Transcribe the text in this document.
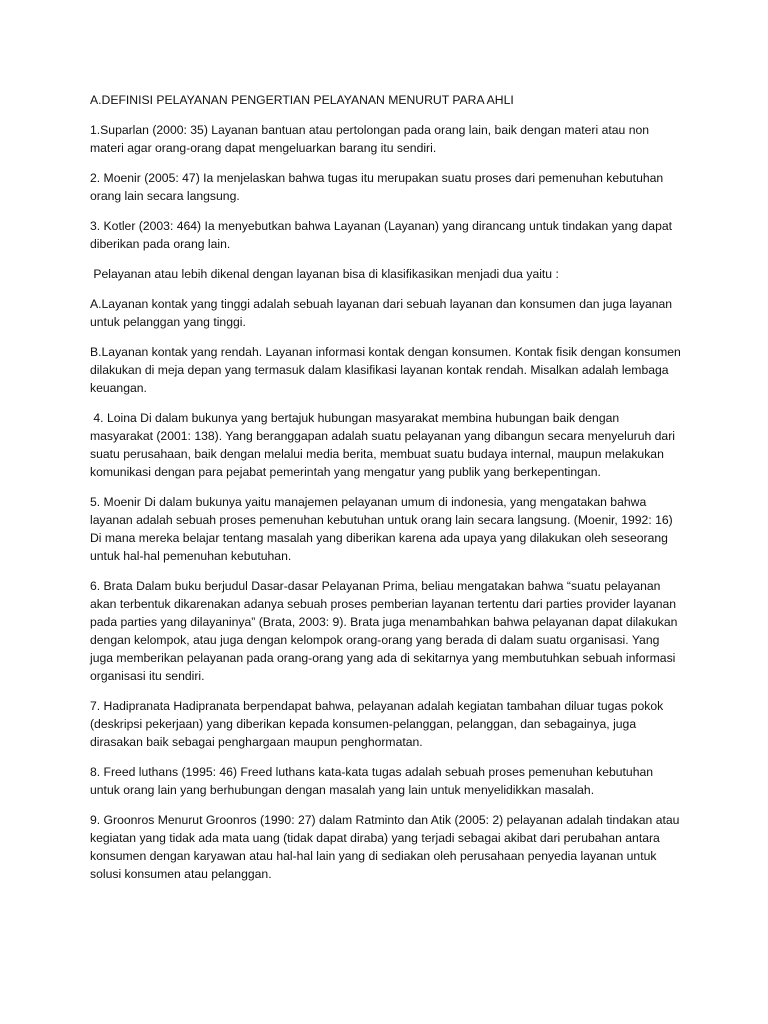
A.DEFINISI PELAYANAN PENGERTIAN PELAYANAN MENURUT PARA AHLI

1.Suparlan (2000: 35) Layanan bantuan atau pertolongan pada orang lain, baik dengan materi atau non materi agar orang-orang dapat mengeluarkan barang itu sendiri.

2. Moenir (2005: 47) Ia menjelaskan bahwa tugas itu merupakan suatu proses dari pemenuhan kebutuhan orang lain secara langsung.

3. Kotler (2003: 464) Ia menyebutkan bahwa Layanan (Layanan) yang dirancang untuk tindakan yang dapat diberikan pada orang lain.

Pelayanan atau lebih dikenal dengan layanan bisa di klasifikasikan menjadi dua yaitu :

A.Layanan kontak yang tinggi adalah sebuah layanan dari sebuah layanan dan konsumen dan juga layanan untuk pelanggan yang tinggi.

B.Layanan kontak yang rendah. Layanan informasi kontak dengan konsumen. Kontak fisik dengan konsumen dilakukan di meja depan yang termasuk dalam klasifikasi layanan kontak rendah. Misalkan adalah lembaga keuangan.

4. Loina Di dalam bukunya yang bertajuk hubungan masyarakat membina hubungan baik dengan masyarakat (2001: 138). Yang beranggapan adalah suatu pelayanan yang dibangun secara menyeluruh dari suatu perusahaan, baik dengan melalui media berita, membuat suatu budaya internal, maupun melakukan komunikasi dengan para pejabat pemerintah yang mengatur yang publik yang berkepentingan.

5. Moenir Di dalam bukunya yaitu manajemen pelayanan umum di indonesia, yang mengatakan bahwa layanan adalah sebuah proses pemenuhan kebutuhan untuk orang lain secara langsung. (Moenir, 1992: 16) Di mana mereka belajar tentang masalah yang diberikan karena ada upaya yang dilakukan oleh seseorang untuk hal-hal pemenuhan kebutuhan.

6. Brata Dalam buku berjudul Dasar-dasar Pelayanan Prima, beliau mengatakan bahwa “suatu pelayanan akan terbentuk dikarenakan adanya sebuah proses pemberian layanan tertentu dari parties provider layanan pada parties yang dilayaninya” (Brata, 2003: 9). Brata juga menambahkan bahwa pelayanan dapat dilakukan dengan kelompok, atau juga dengan kelompok orang-orang yang berada di dalam suatu organisasi. Yang juga memberikan pelayanan pada orang-orang yang ada di sekitarnya yang membutuhkan sebuah informasi organisasi itu sendiri.

7. Hadipranata Hadipranata berpendapat bahwa, pelayanan adalah kegiatan tambahan diluar tugas pokok (deskripsi pekerjaan) yang diberikan kepada konsumen-pelanggan, pelanggan, dan sebagainya, juga dirasakan baik sebagai penghargaan maupun penghormatan.

8. Freed luthans (1995: 46) Freed luthans kata-kata tugas adalah sebuah proses pemenuhan kebutuhan untuk orang lain yang berhubungan dengan masalah yang lain untuk menyelidikkan masalah.

9. Groonros Menurut Groonros (1990: 27) dalam Ratminto dan Atik (2005: 2) pelayanan adalah tindakan atau kegiatan yang tidak ada mata uang (tidak dapat diraba) yang terjadi sebagai akibat dari perubahan antara konsumen dengan karyawan atau hal-hal lain yang di sediakan oleh perusahaan penyedia layanan untuk solusi konsumen atau pelanggan.
